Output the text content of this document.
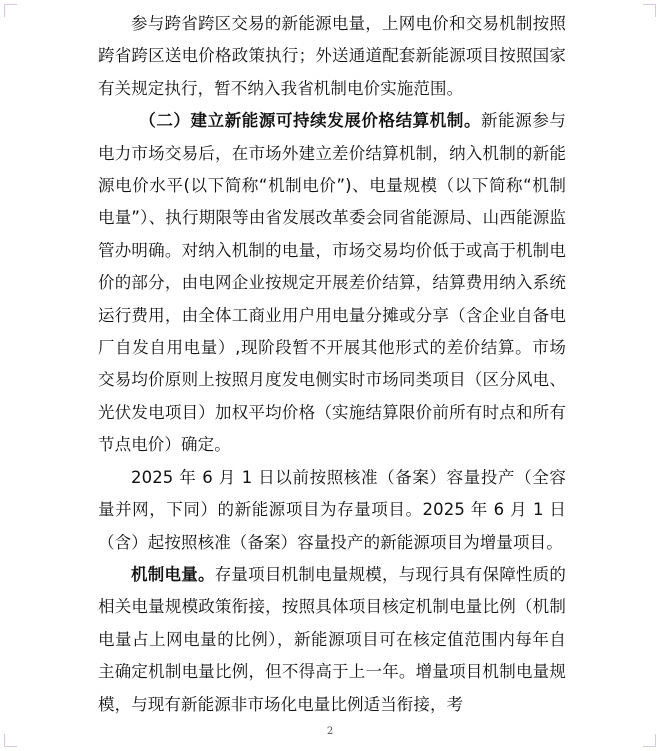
参与跨省跨区交易的新能源电量，上网电价和交易机制按照跨省跨区送电价格政策执行；外送通道配套新能源项目按照国家有关规定执行，暂不纳入我省机制电价实施范围。

（二）建立新能源可持续发展价格结算机制。新能源参与电力市场交易后，在市场外建立差价结算机制，纳入机制的新能源电价水平(以下简称“机制电价”)、电量规模（以下简称“机制电量”）、执行期限等由省发展改革委会同省能源局、山西能源监管办明确。对纳入机制的电量，市场交易均价低于或高于机制电价的部分，由电网企业按规定开展差价结算，结算费用纳入系统运行费用，由全体工商业用户用电量分摊或分享（含企业自备电厂自发自用电量）,现阶段暂不开展其他形式的差价结算。市场交易均价原则上按照月度发电侧实时市场同类项目（区分风电、光伏发电项目）加权平均价格（实施结算限价前所有时点和所有节点电价）确定。

2025 年 6 月 1 日以前按照核准（备案）容量投产（全容量并网，下同）的新能源项目为存量项目。2025 年 6 月 1 日（含）起按照核准（备案）容量投产的新能源项目为增量项目。

机制电量。存量项目机制电量规模，与现行具有保障性质的相关电量规模政策衔接，按照具体项目核定机制电量比例（机制电量占上网电量的比例），新能源项目可在核定值范围内每年自主确定机制电量比例，但不得高于上一年。增量项目机制电量规模，与现有新能源非市场化电量比例适当衔接，考

2
